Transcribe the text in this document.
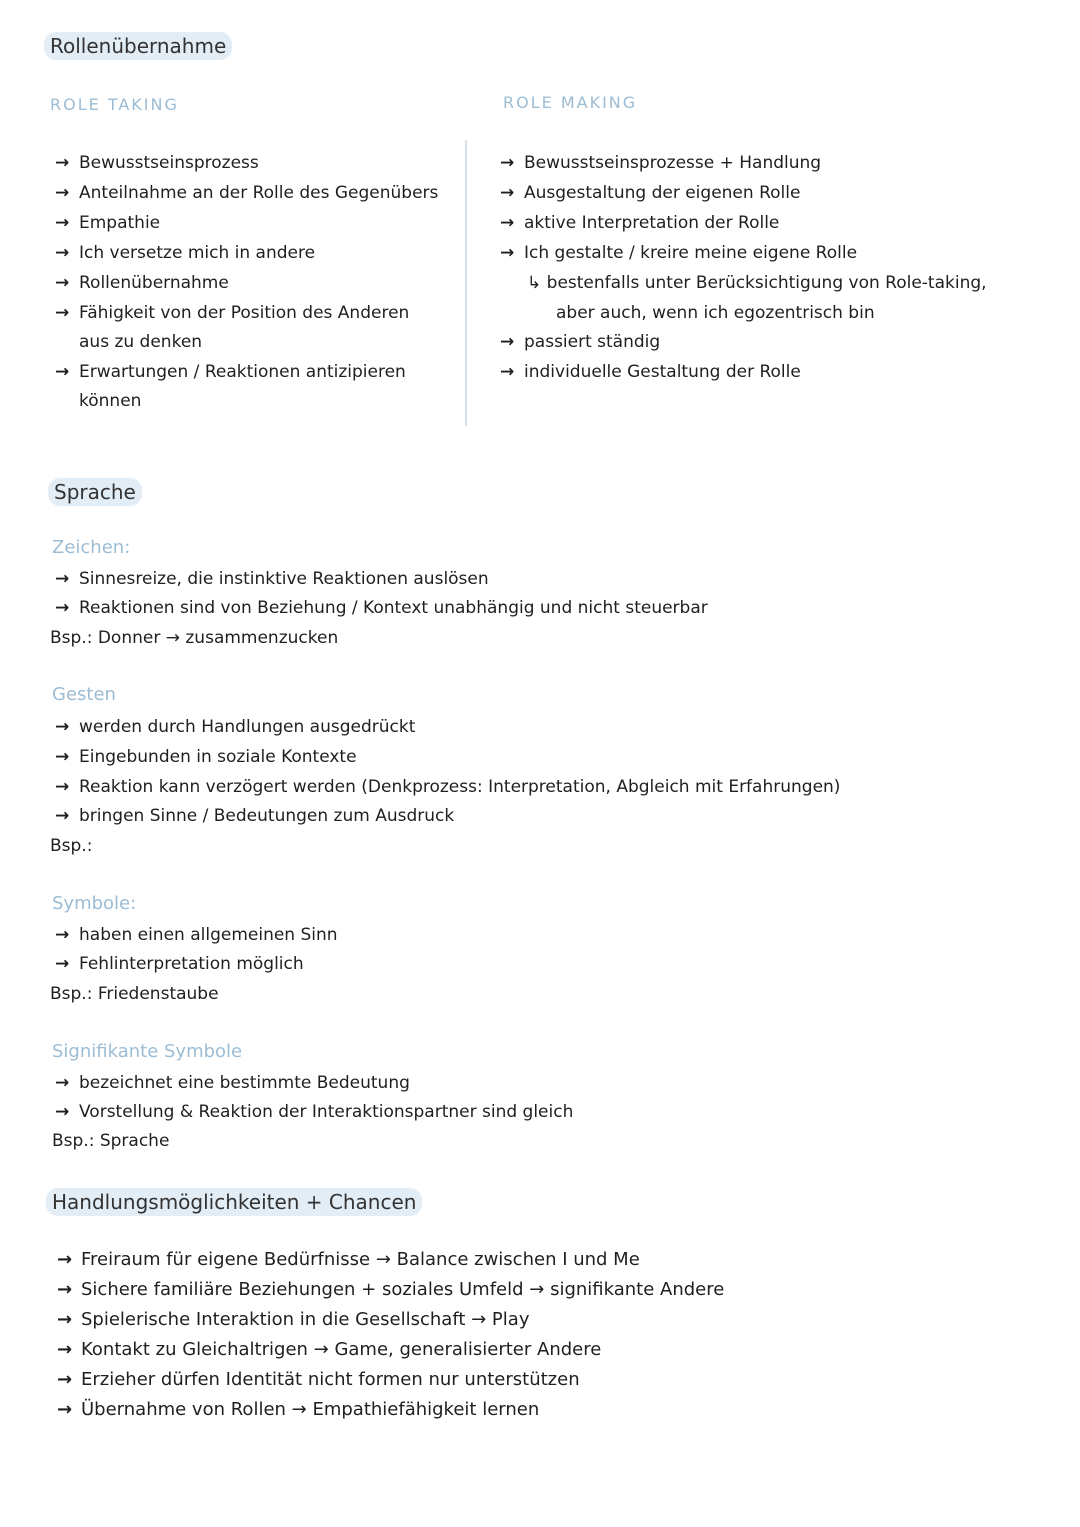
Rollenübernahme
ROLE TAKING	ROLE MAKING
→ Bewusstseinsprozess
→ Anteilnahme an der Rolle des Gegenübers
→ Empathie
→ Ich versetze mich in andere
→ Rollenübernahme
→ Fähigkeit von der Position des Anderen
aus zu denken
→ Erwartungen / Reaktionen antizipieren
können
→ Bewusstseinsprozesse + Handlung
→ Ausgestaltung der eigenen Rolle
→ aktive Interpretation der Rolle
→ Ich gestalte / kreire meine eigene Rolle
↳ bestenfalls unter Berücksichtigung von Role-taking,
aber auch, wenn ich egozentrisch bin
→ passiert ständig
→ individuelle Gestaltung der Rolle
Sprache
Zeichen:
→ Sinnesreize, die instinktive Reaktionen auslösen
→ Reaktionen sind von Beziehung / Kontext unabhängig und nicht steuerbar
Bsp.: Donner → zusammenzucken
Gesten
→ werden durch Handlungen ausgedrückt
→ Eingebunden in soziale Kontexte
→ Reaktion kann verzögert werden (Denkprozess: Interpretation, Abgleich mit Erfahrungen)
→ bringen Sinne / Bedeutungen zum Ausdruck
Bsp.:
Symbole:
→ haben einen allgemeinen Sinn
→ Fehlinterpretation möglich
Bsp.: Friedenstaube
Signifikante Symbole
→ bezeichnet eine bestimmte Bedeutung
→ Vorstellung & Reaktion der Interaktionspartner sind gleich
Bsp.: Sprache
Handlungsmöglichkeiten + Chancen
→ Freiraum für eigene Bedürfnisse → Balance zwischen I und Me
→ Sichere familiäre Beziehungen + soziales Umfeld → signifikante Andere
→ Spielerische Interaktion in die Gesellschaft → Play
→ Kontakt zu Gleichaltrigen → Game, generalisierter Andere
→ Erzieher dürfen Identität nicht formen nur unterstützen
→ Übernahme von Rollen → Empathiefähigkeit lernen
